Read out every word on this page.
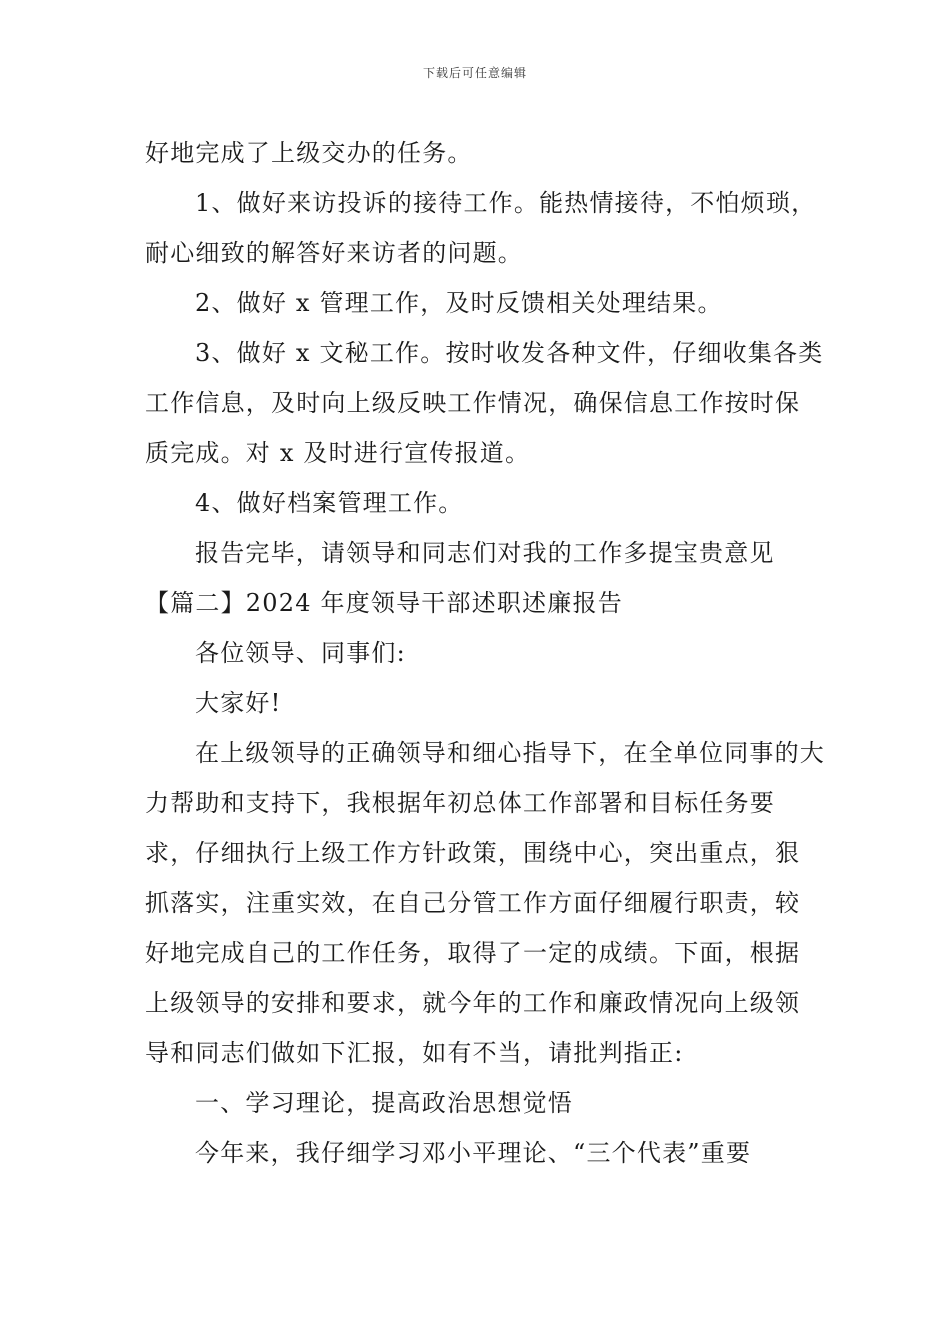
下载后可任意编辑

好地完成了上级交办的任务。

1、做好来访投诉的接待工作。能热情接待，不怕烦琐，耐心细致的解答好来访者的问题。

2、做好 x 管理工作，及时反馈相关处理结果。

3、做好 x 文秘工作。按时收发各种文件，仔细收集各类工作信息，及时向上级反映工作情况，确保信息工作按时保质完成。对 x 及时进行宣传报道。

4、做好档案管理工作。

报告完毕，请领导和同志们对我的工作多提宝贵意见

【篇二】2024 年度领导干部述职述廉报告

各位领导、同事们:

大家好!

在上级领导的正确领导和细心指导下，在全单位同事的大力帮助和支持下，我根据年初总体工作部署和目标任务要求，仔细执行上级工作方针政策，围绕中心，突出重点，狠抓落实，注重实效，在自己分管工作方面仔细履行职责，较好地完成自己的工作任务，取得了一定的成绩。下面，根据上级领导的安排和要求，就今年的工作和廉政情况向上级领导和同志们做如下汇报，如有不当，请批判指正:

一、学习理论，提高政治思想觉悟

今年来，我仔细学习邓小平理论、“三个代表”重要
